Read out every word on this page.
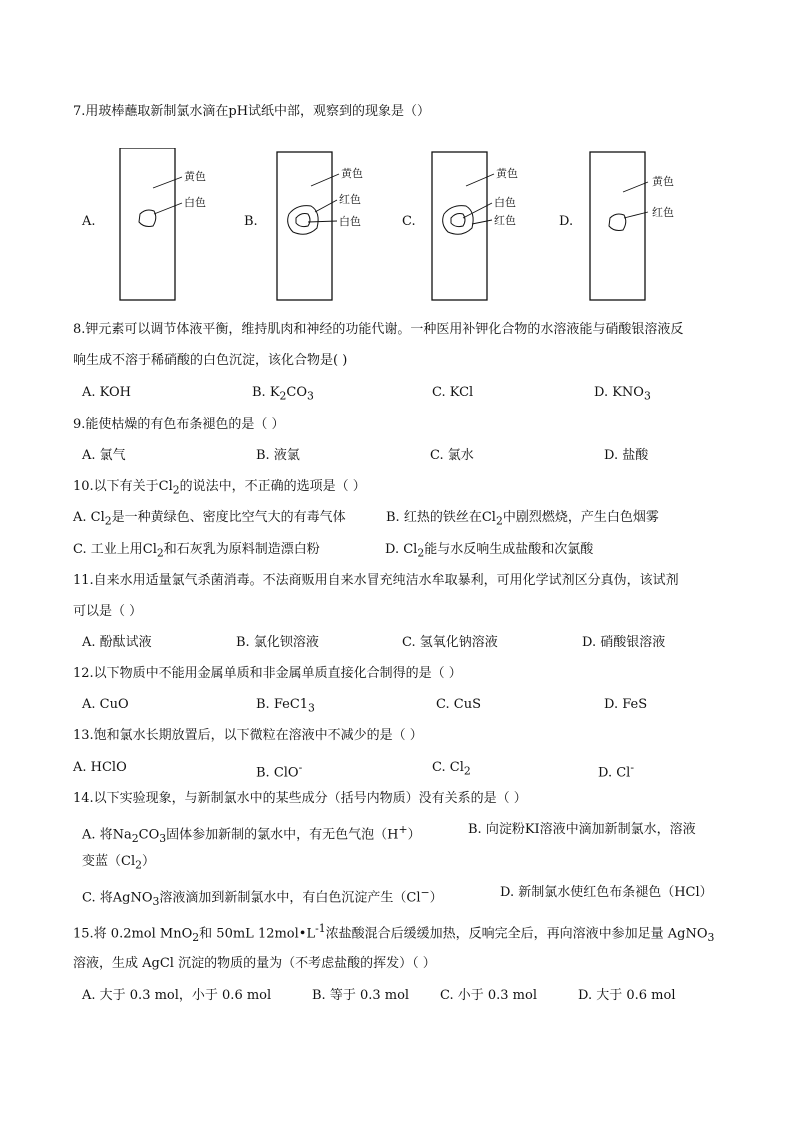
7.用玻棒蘸取新制氯水滴在pH试纸中部，观察到的现象是（）
A.
黄色
白色
B.
黄色
红色
白色	C.
黄色
白色
红色	D.
黄色
红色
8.钾元素可以调节体液平衡，维持肌肉和神经的功能代谢。一种医用补钾化合物的水溶液能与硝酸银溶液反
响生成不溶于稀硝酸的白色沉淀，该化合物是( )
A. KOH	B. $K_2CO_3$	C. KCl	D. $KNO_3$
9.能使枯燥的有色布条褪色的是（ ）
A. 氯气	B. 液氯	C. 氯水	D. 盐酸
10.以下有关于$Cl_2$的说法中，不正确的选项是（ ）
A. $Cl_2$是一种黄绿色、密度比空气大的有毒气体	B. 红热的铁丝在$Cl_2$中剧烈燃烧，产生白色烟雾
C. 工业上用$Cl_2$和石灰乳为原料制造漂白粉	D. $Cl_2$能与水反响生成盐酸和次氯酸
11.自来水用适量氯气杀菌消毒。不法商贩用自来水冒充纯洁水牟取暴利，可用化学试剂区分真伪，该试剂
可以是（ ）
A. 酚酞试液	B. 氯化钡溶液	C. 氢氧化钠溶液	D. 硝酸银溶液
12.以下物质中不能用金属单质和非金属单质直接化合制得的是（ ）
A. CuO	B. $FeC1_3$	C. CuS	D. FeS
13.饱和氯水长期放置后，以下微粒在溶液中不减少的是（ ）
A. HClO	B. ClO-	C. $Cl_2$	D. Cl-
14.以下实验现象，与新制氯水中的某些成分（括号内物质）没有关系的是（ ）
A. 将$Na_2CO_3$固体参加新制的氯水中，有无色气泡（H+）	B. 向淀粉KI溶液中滴加新制氯水，溶液
变蓝$(Cl_2)$
C. 将AgNO$_3$溶液滴加到新制氯水中，有白色沉淀产生（Cl−）	D. 新制氯水使红色布条褪色（HCl）
15.将 0.2mol MnO$_2$和 50mL $12mol•L^{-1}$浓盐酸混合后缓缓加热，反响完全后，再向溶液中参加足量 AgNO$_3$
溶液，生成 AgCl 沉淀的物质的量为（不考虑盐酸的挥发）（ ）
A. 大于 0.3 mol，小于 0.6 mol	B. 等于 0.3 mol C. 小于 0.3 mol	D. 大于 0.6 mol
